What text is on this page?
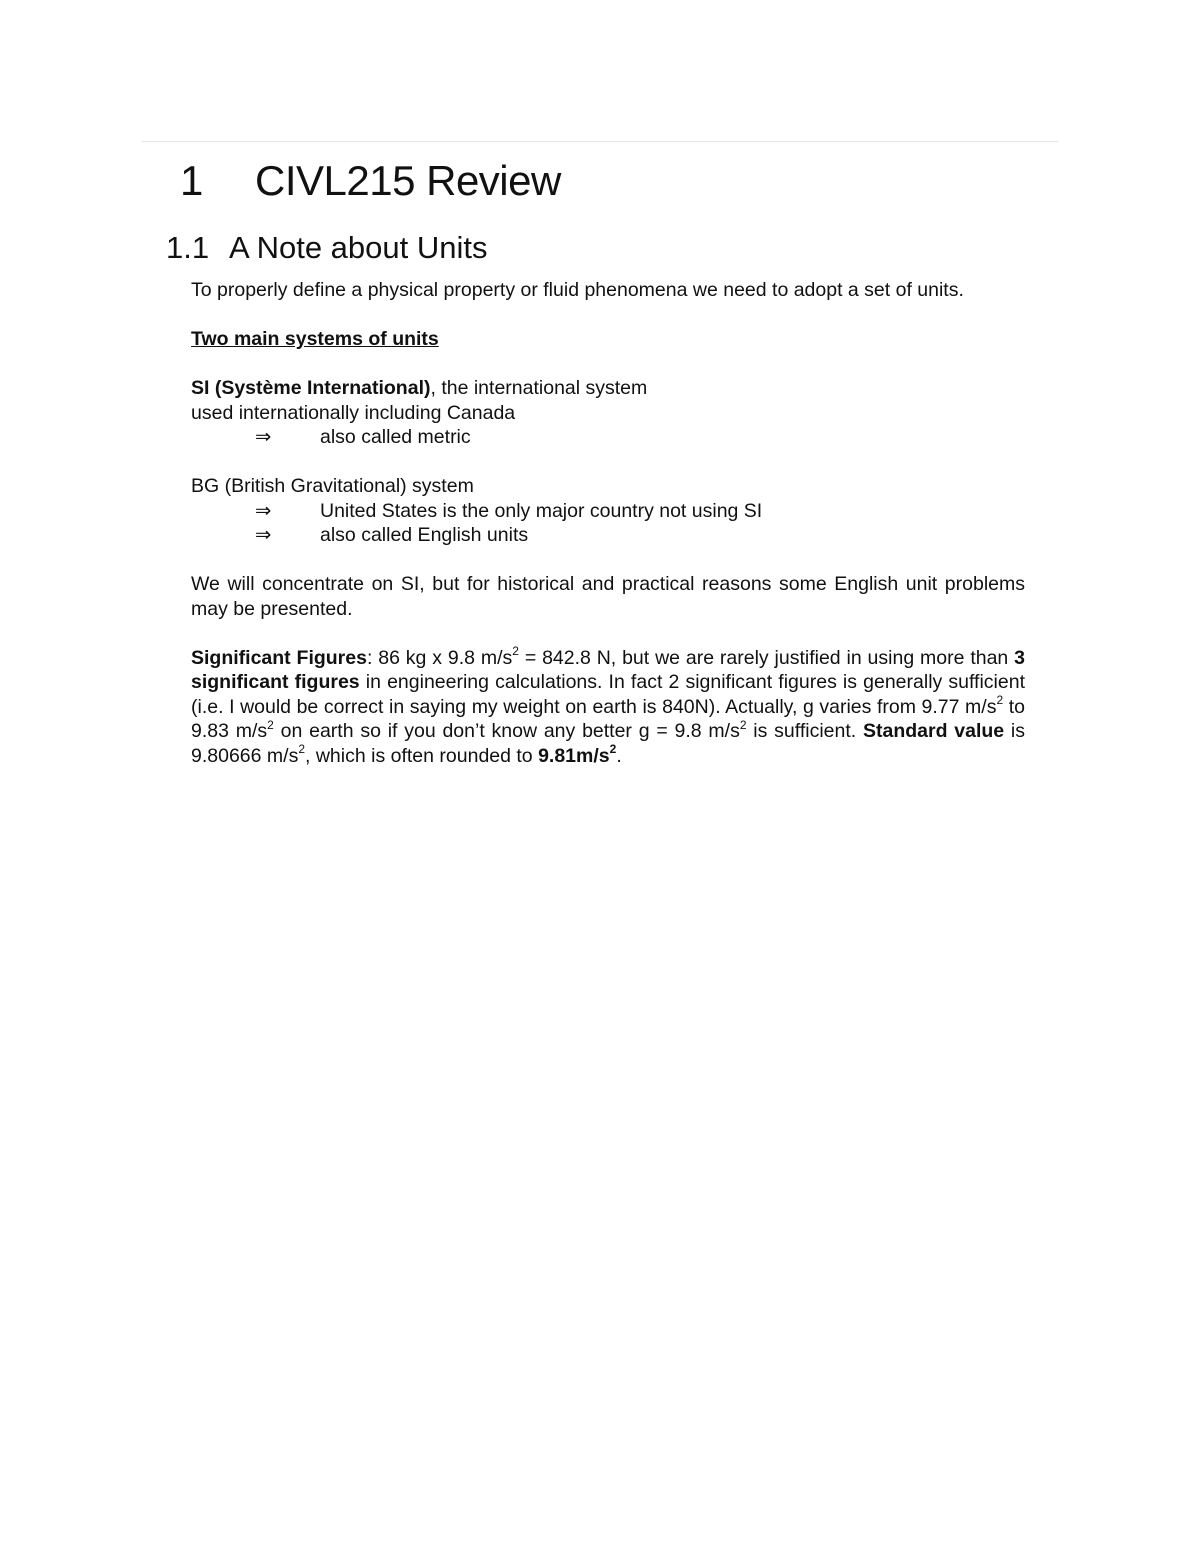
1 CIVL215 Review
1.1 A Note about Units

To properly define a physical property or fluid phenomena we need to adopt a set of units.

Two main systems of units

SI (Système International), the international system

used internationally including Canada

⇒ also called metric

BG (British Gravitational) system

⇒ United States is the only major country not using SI

⇒ also called English units

We will concentrate on SI, but for historical and practical reasons some English unit problems may be presented.

Significant Figures: 86 kg x 9.8 $m/s^2 = 842.8$ N, but we are rarely justified in using more than 3 significant figures in engineering calculations. In fact 2 significant figures is generally sufficient (i.e. I would be correct in saying my weight on earth is 840N). Actually, g varies from 9.77 $m/s^2$ to 9.83 $m/s^2$ on earth so if you don’t know any better g = 9.8 $m/s^2$ is sufficient. Standard value is 9.80666 $m/s^2$, which is often rounded to $9.81m/s^2$.
